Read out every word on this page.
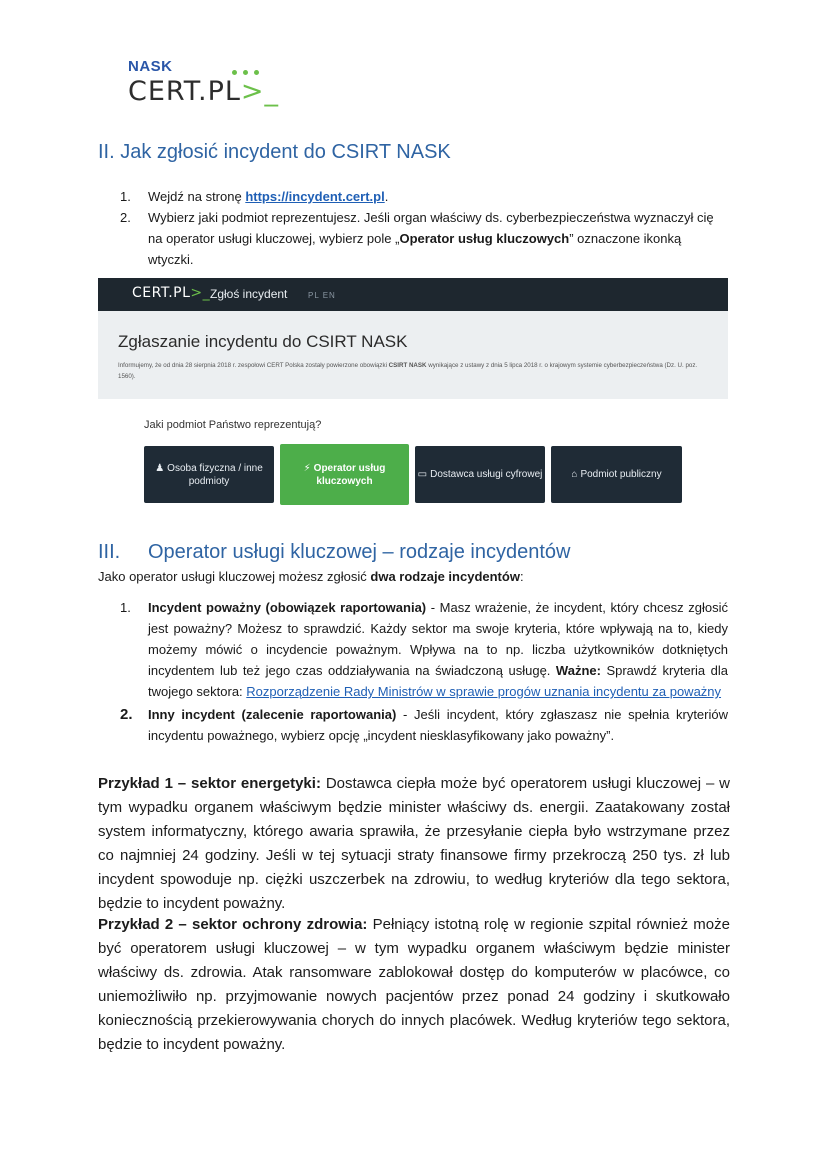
NASK
CERT.PL>_
II. Jak zgłosić incydent do CSIRT NASK
1. Wejdź na stronę https://incydent.cert.pl.
2. Wybierz jaki podmiot reprezentujesz. Jeśli organ właściwy ds. cyberbezpieczeństwa wyznaczył cię na operator usługi kluczowej, wybierz pole „Operator usług kluczowych” oznaczone ikonką wtyczki.
CERT.PL>_ Zgłoś incydent	PL EN
Zgłaszanie incydentu do CSIRT NASK
Informujemy, że od dnia 28 sierpnia 2018 r. zespołowi CERT Polska zostały powierzone obowiązki CSIRT NASK wynikające z ustawy z dnia 5 lipca 2018 r. o krajowym systemie cyberbezpieczeństwa (Dz. U. poz. 1560).
Jaki podmiot Państwo reprezentują?
♟ Osoba fizyczna / inne podmioty
⚡ Operator usług kluczowych
▭ Dostawca usługi cyfrowej	⌂ Podmiot publiczny
III. Operator usługi kluczowej – rodzaje incydentów
Jako operator usługi kluczowej możesz zgłosić dwa rodzaje incydentów:
1. Incydent poważny (obowiązek raportowania) - Masz wrażenie, że incydent, który chcesz zgłosić jest poważny? Możesz to sprawdzić. Każdy sektor ma swoje kryteria, które wpływają na to, kiedy możemy mówić o incydencie poważnym. Wpływa na to np. liczba użytkowników dotkniętych incydentem lub też jego czas oddziaływania na świadczoną usługę. Ważne: Sprawdź kryteria dla twojego sektora: Rozporządzenie Rady Ministrów w sprawie progów uznania incydentu za poważny
2. Inny incydent (zalecenie raportowania) - Jeśli incydent, który zgłaszasz nie spełnia kryteriów incydentu poważnego, wybierz opcję „incydent niesklasyfikowany jako poważny”.
Przykład 1 – sektor energetyki: Dostawca ciepła może być operatorem usługi kluczowej – w tym wypadku organem właściwym będzie minister właściwy ds. energii. Zaatakowany został system informatyczny, którego awaria sprawiła, że przesyłanie ciepła było wstrzymane przez co najmniej 24 godziny. Jeśli w tej sytuacji straty finansowe firmy przekroczą 250 tys. zł lub incydent spowoduje np. ciężki uszczerbek na zdrowiu, to według kryteriów dla tego sektora, będzie to incydent poważny.
Przykład 2 – sektor ochrony zdrowia: Pełniący istotną rolę w regionie szpital również może być operatorem usługi kluczowej – w tym wypadku organem właściwym będzie minister właściwy ds. zdrowia. Atak ransomware zablokował dostęp do komputerów w placówce, co uniemożliwiło np. przyjmowanie nowych pacjentów przez ponad 24 godziny i skutkowało koniecznością przekierowywania chorych do innych placówek. Według kryteriów tego sektora, będzie to incydent poważny.
